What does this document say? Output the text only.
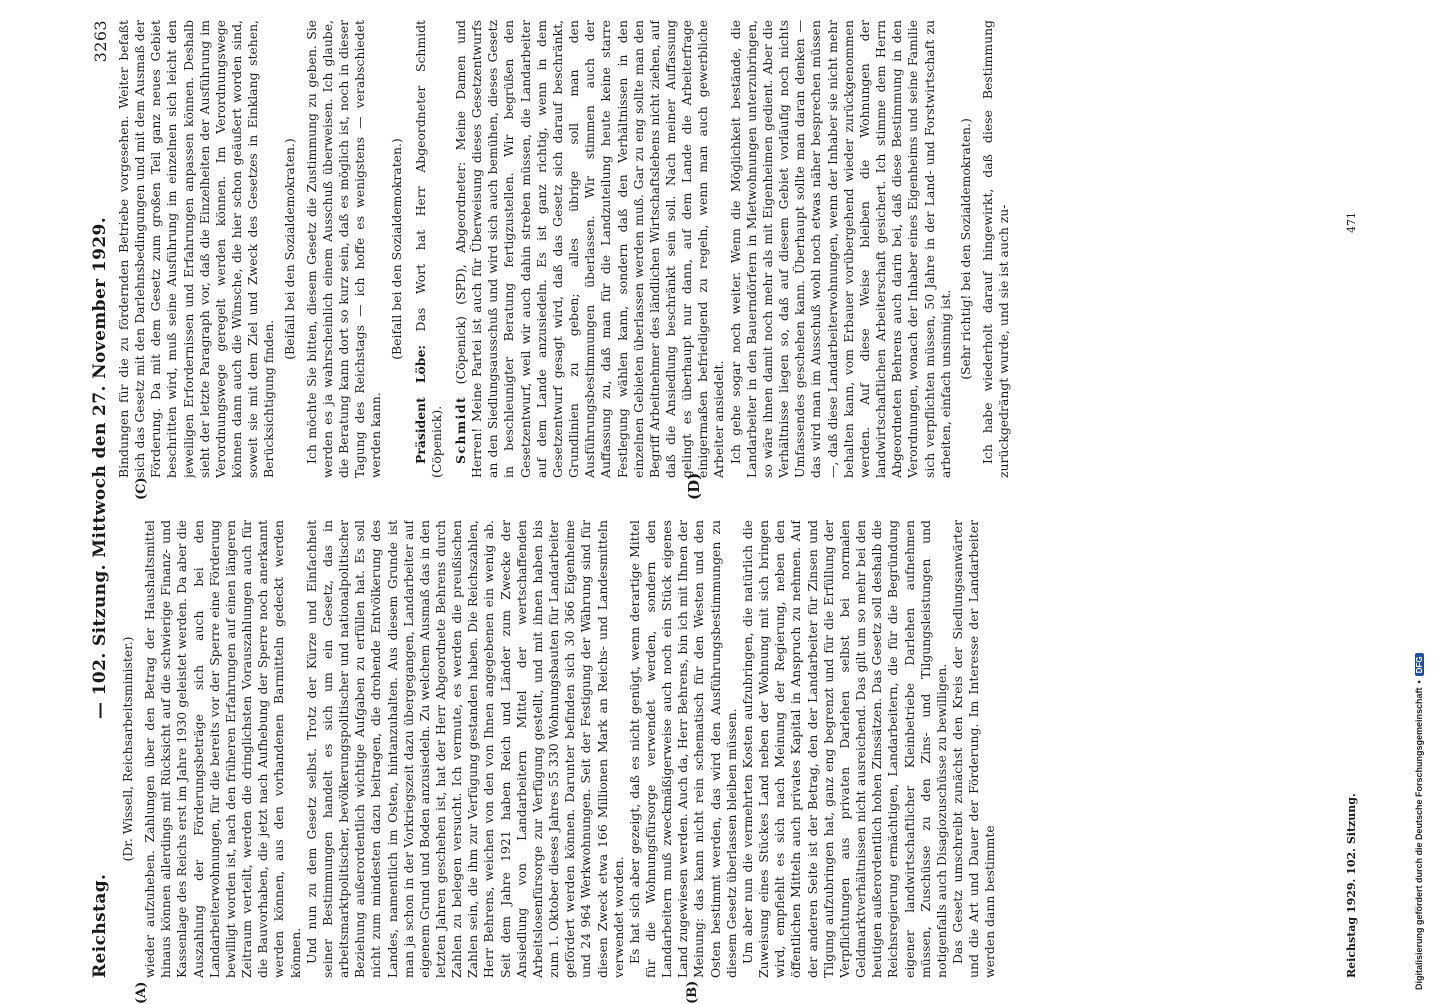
Reichstag.
— 102. Sitzung. Mittwoch den 27. November 1929.
3263
(A)	(B)
(C)	(D)

(Dr. Wissell, Reichsarbeitsminister.) wieder aufzuheben. Zahlungen über den Betrag der Haushaltsmittel hinaus können allerdings mit Rücksicht auf die schwierige Finanz- und Kassenlage des Reichs erst im Jahre 1930 geleistet werden. Da aber die Auszahlung der Förderungsbeträge sich auch bei den Landarbeiterwohnungen, für die bereits vor der Sperre eine Förderung bewilligt worden ist, nach den früheren Erfahrungen auf einen längeren Zeitraum verteilt, werden die dringlichsten Vorauszahlungen auch für die Bauvorhaben, die jetzt nach Aufhebung der Sperre noch anerkannt werden können, aus den vorhandenen Barmitteln gedeckt werden können. Und nun zu dem Gesetz selbst. Trotz der Kürze und Einfachheit seiner Bestimmungen handelt es sich um ein Gesetz, das in arbeitsmarktpolitischer, bevölkerungspolitischer und nationalpolitischer Beziehung außerordentlich wichtige Aufgaben zu erfüllen hat. Es soll nicht zum mindesten dazu beitragen, die drohende Entvölkerung des Landes, namentlich im Osten, hintanzuhalten. Aus diesem Grunde ist man ja schon in der Vorkriegszeit dazu übergegangen, Landarbeiter auf eigenem Grund und Boden anzusiedeln. Zu welchem Ausmaß das in den letzten Jahren geschehen ist, hat der Herr Abgeordnete Behrens durch Zahlen zu belegen versucht. Ich vermute, es werden die preußischen Zahlen sein, die ihm zur Verfügung gestanden haben. Die Reichszahlen, Herr Behrens, weichen von den von Ihnen angegebenen ein wenig ab. Seit dem Jahre 1921 haben Reich und Länder zum Zwecke der Ansiedlung von Landarbeitern Mittel der wertschaffenden Arbeitslosenfürsorge zur Verfügung gestellt, und mit ihnen haben bis zum 1. Oktober dieses Jahres 55 330 Wohnungsbauten für Landarbeiter gefördert werden können. Darunter befinden sich 30 366 Eigenheime und 24 964 Werkwohnungen. Seit der Festigung der Währung sind für diesen Zweck etwa 166 Millionen Mark an Reichs- und Landesmitteln verwendet worden. Es hat sich aber gezeigt, daß es nicht genügt, wenn derartige Mittel für die Wohnungsfürsorge verwendet werden, sondern den Landarbeitern muß zweckmäßigerweise auch noch ein Stück eigenes Land zugewiesen werden. Auch da, Herr Behrens, bin ich mit Ihnen der Meinung: das kann nicht rein schematisch für den Westen und den Osten bestimmt werden, das wird den Ausführungsbestimmungen zu diesem Gesetz überlassen bleiben müssen. Um aber nun die vermehrten Kosten aufzubringen, die natürlich die Zuweisung eines Stückes Land neben der Wohnung mit sich bringen wird, empfiehlt es sich nach Meinung der Regierung, neben den öffentlichen Mitteln auch privates Kapital in Anspruch zu nehmen. Auf der anderen Seite ist der Betrag, den der Landarbeiter für Zinsen und Tilgung aufzubringen hat, ganz eng begrenzt und für die Erfüllung der Verpflichtungen aus privaten Darlehen selbst bei normalen Geldmarktverhältnissen nicht ausreichend. Das gilt um so mehr bei den heutigen außerordentlich hohen Zinssätzen. Das Gesetz soll deshalb die Reichsregierung ermächtigen, Landarbeitern, die für die Begründung eigener landwirtschaftlicher Kleinbetriebe Darlehen aufnehmen müssen, Zuschüsse zu den Zins- und Tilgungsleistungen und notigenfalls auch Disagiozuschüsse zu bewilligen. Das Gesetz umschreibt zunächst den Kreis der Siedlungsanwärter und die Art und Dauer der Förderung. Im Interesse der Landarbeiter werden dann bestimmte

Bindungen für die zu fördernden Betriebe vorgesehen. Weiter befaßt sich das Gesetz mit den Darlehnsbedingungen und mit dem Ausmaß der Förderung. Da mit dem Gesetz zum großen Teil ganz neues Gebiet beschritten wird, muß seine Ausführung im einzelnen sich leicht den jeweiligen Erfordernissen und Erfahrungen anpassen können. Deshalb sieht der letzte Paragraph vor, daß die Einzelheiten der Ausführung im Verordnungswege geregelt werden können. Im Verordnungswege können dann auch die Wünsche, die hier schon geäußert worden sind, soweit sie mit dem Ziel und Zweck des Gesetzes in Einklang stehen, Berücksichtigung finden.

(Beifall bei den Sozialdemokraten.) Ich möchte Sie bitten, diesem Gesetz die Zustimmung zu geben. Sie werden es ja wahrscheinlich einem Ausschuß überweisen. Ich glaube, die Beratung kann dort so kurz sein, daß es möglich ist, noch in dieser Tagung des Reichstags — ich hoffe es wenigstens — verabschiedet werden kann.

(Beifall bei den Sozialdemokraten.)

Präsident Löbe: Das Wort hat Herr Abgeordneter Schmidt (Cöpenick). Schmidt (Cöpenick) (SPD), Abgeordneter: Meine Damen und Herren! Meine Partei ist auch für Überweisung dieses Gesetzentwurfs an den Siedlungsausschuß und wird sich auch bemühen, dieses Gesetz in beschleunigter Beratung fertigzustellen. Wir begrüßen den Gesetzentwurf, weil wir auch dahin streben müssen, die Landarbeiter auf dem Lande anzusiedeln. Es ist ganz richtig, wenn in dem Gesetzentwurf gesagt wird, daß das Gesetz sich darauf beschränkt, Grundlinien zu geben; alles übrige soll man den Ausführungsbestimmungen überlassen. Wir stimmen auch der Auffassung zu, daß man für die Landzuteilung heute keine starre Festlegung wählen kann, sondern daß den Verhältnissen in den einzelnen Gebieten überlassen werden muß. Gar zu eng sollte man den Begriff Arbeitnehmer des ländlichen Wirtschaftslebens nicht ziehen, auf daß die Ansiedlung beschränkt sein soll. Nach meiner Auffassung gelingt es überhaupt nur dann, auf dem Lande die Arbeiterfrage einigermaßen befriedigend zu regeln, wenn man auch gewerbliche Arbeiter ansiedelt. Ich gehe sogar noch weiter. Wenn die Möglichkeit bestände, die Landarbeiter in den Bauerndörfern in Mietwohnungen unterzubringen, so wäre ihnen damit noch mehr als mit Eigenheimen gedient. Aber die Verhältnisse liegen so, daß auf diesem Gebiet vorläufig noch nichts Umfassendes geschehen kann. Überhaupt sollte man daran denken — das wird man im Ausschuß wohl noch etwas näher besprechen müssen —, daß diese Landarbeiterwohnungen, wenn der Inhaber sie nicht mehr behalten kann, vom Erbauer vorübergehend wieder zurückgenommen werden. Auf diese Weise bleiben die Wohnungen der landwirtschaftlichen Arbeiterschaft gesichert. Ich stimme dem Herrn Abgeordneten Behrens auch darin bei, daß diese Bestimmung in den Verordnungen, wonach der Inhaber eines Eigenheims und seine Familie sich verpflichten müssen, 50 Jahre in der Land- und Forstwirtschaft zu arbeiten, einfach unsinnig ist.

(Sehr richtig! bei den Sozialdemokraten.) Ich habe wiederholt darauf hingewirkt, daß diese Bestimmung zurückgedrängt wurde, und sie ist auch zu-

Reichstag 1929. 102. Sitzung.
471
Digitalisierung gefördert durch die Deutsche Forschungsgemeinschaft
•
DFG
